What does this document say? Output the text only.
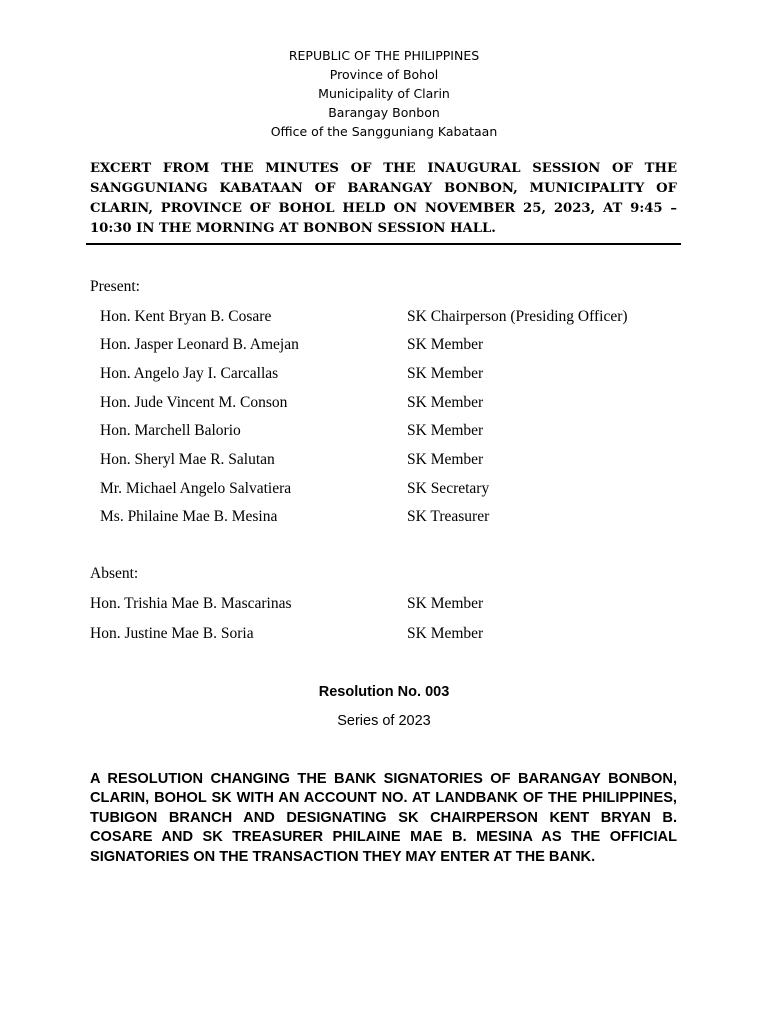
REPUBLIC OF THE PHILIPPINES
Province of Bohol
Municipality of Clarin
Barangay Bonbon
Office of the Sangguniang Kabataan
EXCERT FROM THE MINUTES OF THE INAUGURAL SESSION OF THE SANGGUNIANG KABATAAN OF BARANGAY BONBON, MUNICIPALITY OF CLARIN, PROVINCE OF BOHOL HELD ON NOVEMBER 25, 2023, AT 9:45 – 10:30 IN THE MORNING AT BONBON SESSION HALL.
Present:
Hon. Kent Bryan B. Cosare	SK Chairperson (Presiding Officer)
Hon. Jasper Leonard B. Amejan	SK Member
Hon. Angelo Jay I. Carcallas	SK Member
Hon. Jude Vincent M. Conson	SK Member
Hon. Marchell Balorio	SK Member
Hon. Sheryl Mae R. Salutan	SK Member
Mr. Michael Angelo Salvatiera	SK Secretary
Ms. Philaine Mae B. Mesina	SK Treasurer
Absent:
Hon. Trishia Mae B. Mascarinas	SK Member
Hon. Justine Mae B. Soria	SK Member
Resolution No. 003
Series of 2023
A RESOLUTION CHANGING THE BANK SIGNATORIES OF BARANGAY BONBON, CLARIN, BOHOL SK WITH AN ACCOUNT NO. AT LANDBANK OF THE PHILIPPINES, TUBIGON BRANCH AND DESIGNATING SK CHAIRPERSON KENT BRYAN B. COSARE AND SK TREASURER PHILAINE MAE B. MESINA AS THE OFFICIAL SIGNATORIES ON THE TRANSACTION THEY MAY ENTER AT THE BANK.
